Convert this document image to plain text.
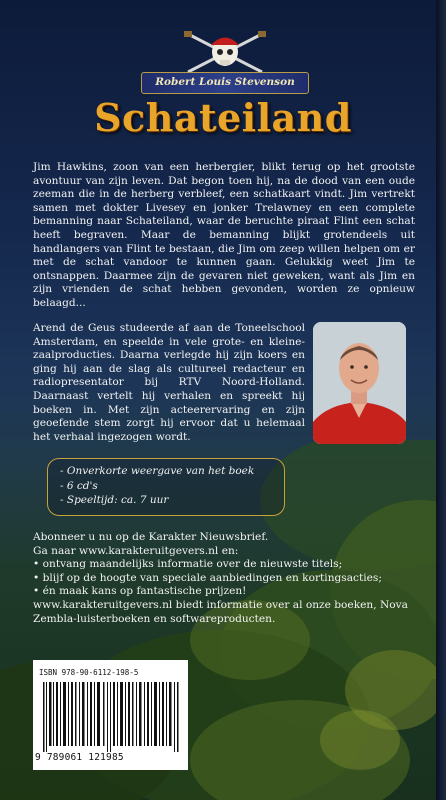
Robert Louis Stevenson
Schateiland
Jim Hawkins, zoon van een herbergier, blikt terug op het grootste avontuur van zijn leven. Dat begon toen hij, na de dood van een oude zeeman die in de herberg verbleef, een schatkaart vindt. Jim vertrekt samen met dokter Livesey en jonker Trelawney en een complete bemanning naar Schateiland, waar de beruchte piraat Flint een schat heeft begraven. Maar de bemanning blijkt grotendeels uit handlangers van Flint te bestaan, die Jim om zeep willen helpen om er met de schat vandoor te kunnen gaan. Gelukkig weet Jim te ontsnappen. Daarmee zijn de gevaren niet geweken, want als Jim en zijn vrienden de schat hebben gevonden, worden ze opnieuw belaagd...
Arend de Geus studeerde af aan de Toneelschool Amsterdam, en speelde in vele grote- en kleine-zaalproducties. Daarna verlegde hij zijn koers en ging hij aan de slag als cultureel redacteur en radiopresentator bij RTV Noord-Holland. Daarnaast vertelt hij verhalen en spreekt hij boeken in. Met zijn acteerervaring en zijn geoefende stem zorgt hij ervoor dat u helemaal het verhaal ingezogen wordt.
- Onverkorte weergave van het boek
- 6 cd's
- Speeltijd: ca. 7 uur

Abonneer u nu op de Karakter Nieuwsbrief.

Ga naar www.karakteruitgevers.nl en:

• ontvang maandelijks informatie over de nieuwste titels;

• blijf op de hoogte van speciale aanbiedingen en kortingsacties;

• én maak kans op fantastische prijzen!

www.karakteruitgevers.nl biedt informatie over al onze boeken, Nova Zembla-luisterboeken en softwareproducten.

ISBN 978-90-6112-198-5
9 789061 121985
